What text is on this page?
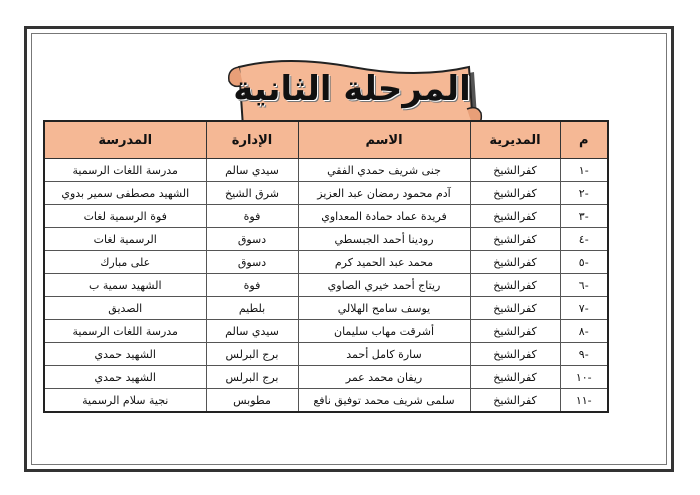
المرحلة الثانية
م	المديرية	الاسم	الإدارة	المدرسة
-١	كفرالشيخ	جنى شريف حمدي الفقي	سيدي سالم	مدرسة اللغات الرسمية
-٢	كفرالشيخ	آدم محمود رمضان عبد العزيز	شرق الشيخ	الشهيد مصطفى سمير بدوي
-٣	كفرالشيخ	فريدة عماد حمادة المعداوي	فوة	فوة الرسمية لغات
-٤	كفرالشيخ	رودينا أحمد الجبسطي	دسوق	الرسمية لغات
-٥	كفرالشيخ	محمد عبد الحميد كرم	دسوق	على مبارك
-٦	كفرالشيخ	ريتاج أحمد خيري الصاوي	فوة	الشهيد سمية ب
-٧	كفرالشيخ	يوسف سامح الهلالي	بلطيم	الصديق
-٨	كفرالشيخ	أشرقت مهاب سليمان	سيدي سالم	مدرسة اللغات الرسمية
-٩	كفرالشيخ	سارة كامل أحمد	برج البرلس	الشهيد حمدي
-١٠	كفرالشيخ	ريفان محمد عمر	برج البرلس	الشهيد حمدي
-١١	كفرالشيخ	سلمى شريف محمد توفيق نافع	مطوبس	نجية سلام الرسمية
